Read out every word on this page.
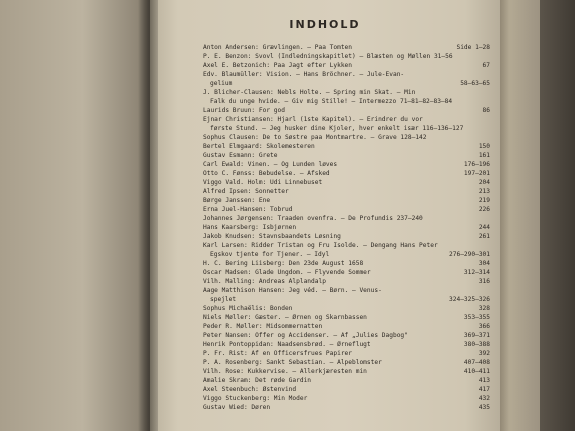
INDHOLD
Side 1–28
Anton Andersen: Grævlingen. — Paa Tomten
P. E. Benzon: Svovl (Indledningskapitlet) — Blæsten og Møllen 31–56
67
Axel E. Betzonich: Paa Jagt efter Lykken
Edv. Blaumüller: Vision. — Hans Bröchner. — Jule-Evan-
58–63–65
gelium
J. Blicher-Clausen: Nebls Holte. — Spring min Skat. — Min
Falk du unge hvide. — Giv mig Stille! — Intermezzo 71–81–82–83–84
86
Laurids Bruun: For god
Ejnar Christiansen: Hjarl (1ste Kapitel). — Erindrer du vor
første Stund. — Jeg husker dine Kjoler, hver enkelt især 116–136–127
Sophus Clausen: De to Søstre paa Montmartre. — Grave 128–142
150
Bertel Elmgaard: Skolemesteren
161
Gustav Esmann: Grete
176–196
Carl Ewald: Vinen. — Og Lunden løves
197–201
Otto C. Fønss: Bebudelse. — Afsked
204
Viggo Vald. Holm: Udi Linnebuset
213
Alfred Ipsen: Sonnetter
219
Børge Janssen: Ene
226
Erna Juel-Hansen: Tobrud
Johannes Jørgensen: Traaden ovenfra. — De Profundis 237–240
244
Hans Kaarsberg: Isbjørnen
261
Jakob Knudsen: Stavnsbaandets Løsning
Karl Larsen: Ridder Tristan og Fru Isolde. — Dengang Hans Peter
276–290–301
Egskov tjente for Tjener. — Idyl
304
H. C. Bering Liisberg: Den 23de August 1658
312–314
Oscar Madsen: Glade Ungdom. — Flyvende Sommer
316
Vilh. Malling: Andreas Alplandalp
Aage Matthison Hansen: Jeg véd. — Børn. — Venus-
324–325–326
spejlet
328
Sophus Michaëlis: Bonden
353–355
Niels Møller: Gæster. — Ørnen og Skarnbassen
366
Peder R. Møller: Midsommernatten
369–371
Peter Nansen: Offer og Accidenser. — Af „Julies Dagbog"
380–388
Henrik Pontoppidan: Naadsensbrød. — Ørneflugt
392
P. Fr. Rist: Af en Officersfrues Papirer
407–408
P. A. Rosenberg: Sankt Sebastian. — Alpeblomster
410–411
Vilh. Rose: Kukkervise. — Allerkjæresten min
413
Amalie Skram: Det røde Gardin
417
Axel Steenbuch: Østenvind
432
Viggo Stuckenberg: Min Moder
435
Gustav Wied: Døren
